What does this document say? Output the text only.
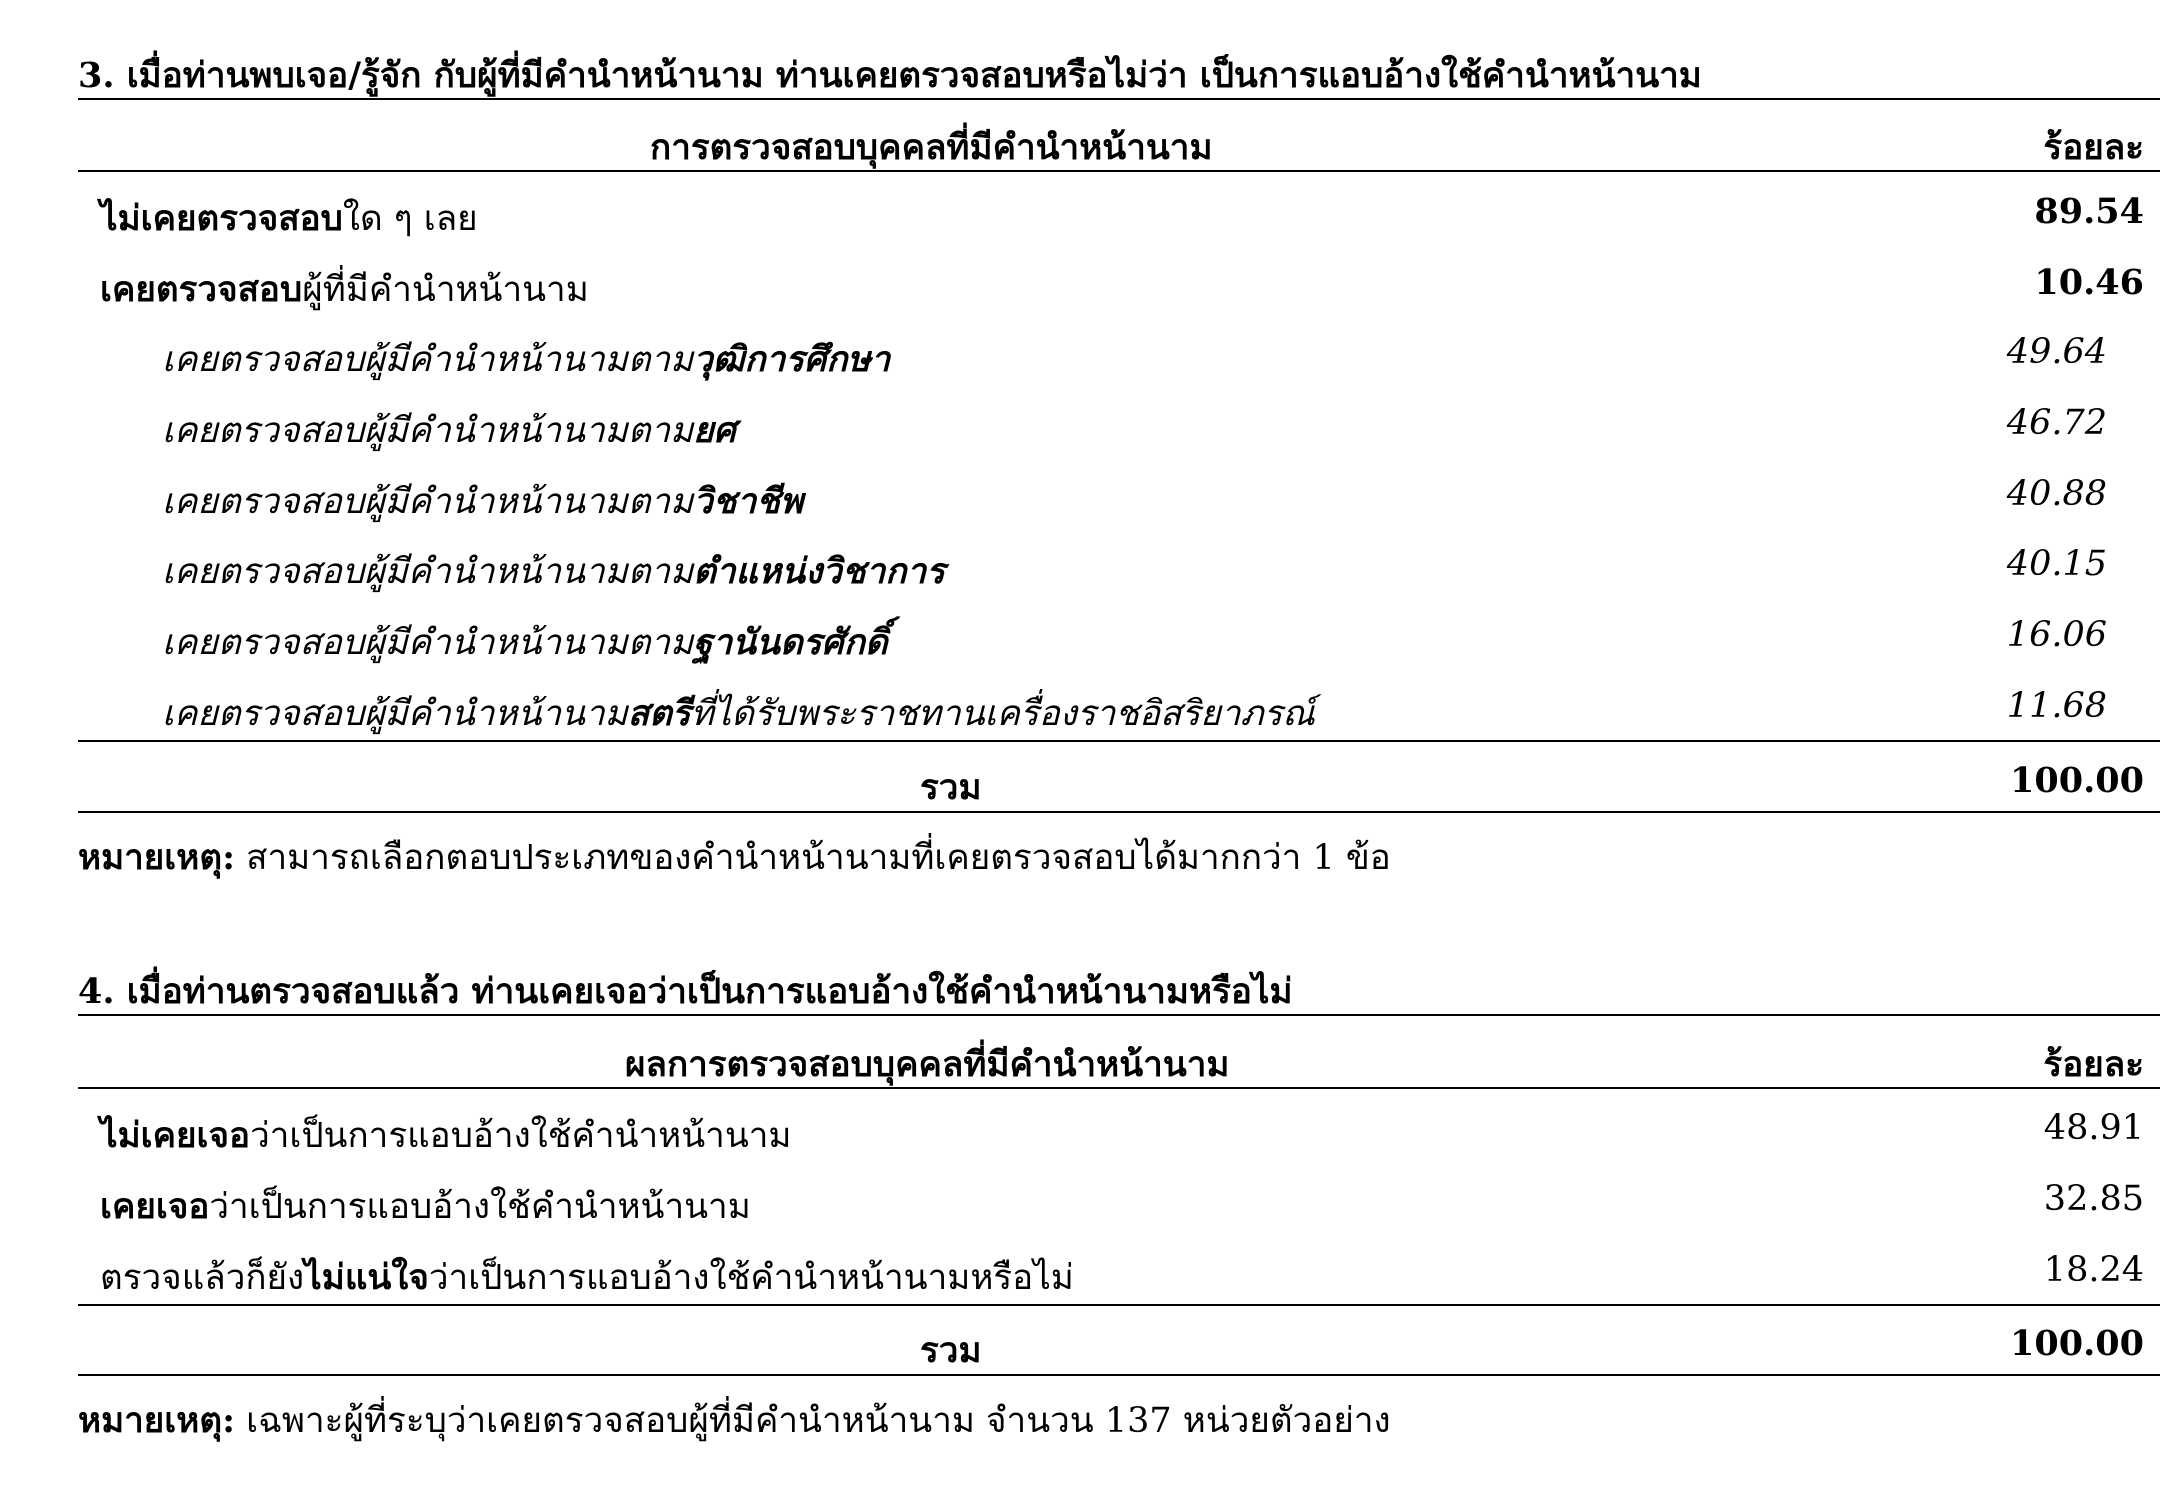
3. เมื่อท่านพบเจอ/รู้จัก กับผู้ที่มีคำนำหน้านาม ท่านเคยตรวจสอบหรือไม่ว่า เป็นการแอบอ้างใช้คำนำหน้านาม
การตรวจสอบบุคคลที่มีคำนำหน้านาม	ร้อยละ
ไม่เคยตรวจสอบใด ๆ เลย	89.54
เคยตรวจสอบผู้ที่มีคำนำหน้านาม	10.46
เคยตรวจสอบผู้มีคำนำหน้านามตามวุฒิการศึกษา	49.64
เคยตรวจสอบผู้มีคำนำหน้านามตามยศ	46.72
เคยตรวจสอบผู้มีคำนำหน้านามตามวิชาชีพ	40.88
เคยตรวจสอบผู้มีคำนำหน้านามตามตำแหน่งวิชาการ	40.15
เคยตรวจสอบผู้มีคำนำหน้านามตามฐานันดรศักดิ์	16.06
เคยตรวจสอบผู้มีคำนำหน้านามสตรีที่ได้รับพระราชทานเครื่องราชอิสริยาภรณ์	11.68
รวม	100.00
หมายเหตุ: สามารถเลือกตอบประเภทของคำนำหน้านามที่เคยตรวจสอบได้มากกว่า 1 ข้อ
4. เมื่อท่านตรวจสอบแล้ว ท่านเคยเจอว่าเป็นการแอบอ้างใช้คำนำหน้านามหรือไม่
ผลการตรวจสอบบุคคลที่มีคำนำหน้านาม	ร้อยละ
ไม่เคยเจอว่าเป็นการแอบอ้างใช้คำนำหน้านาม	48.91
เคยเจอว่าเป็นการแอบอ้างใช้คำนำหน้านาม	32.85
ตรวจแล้วก็ยังไม่แน่ใจว่าเป็นการแอบอ้างใช้คำนำหน้านามหรือไม่	18.24
รวม	100.00
หมายเหตุ: เฉพาะผู้ที่ระบุว่าเคยตรวจสอบผู้ที่มีคำนำหน้านาม จำนวน 137 หน่วยตัวอย่าง
